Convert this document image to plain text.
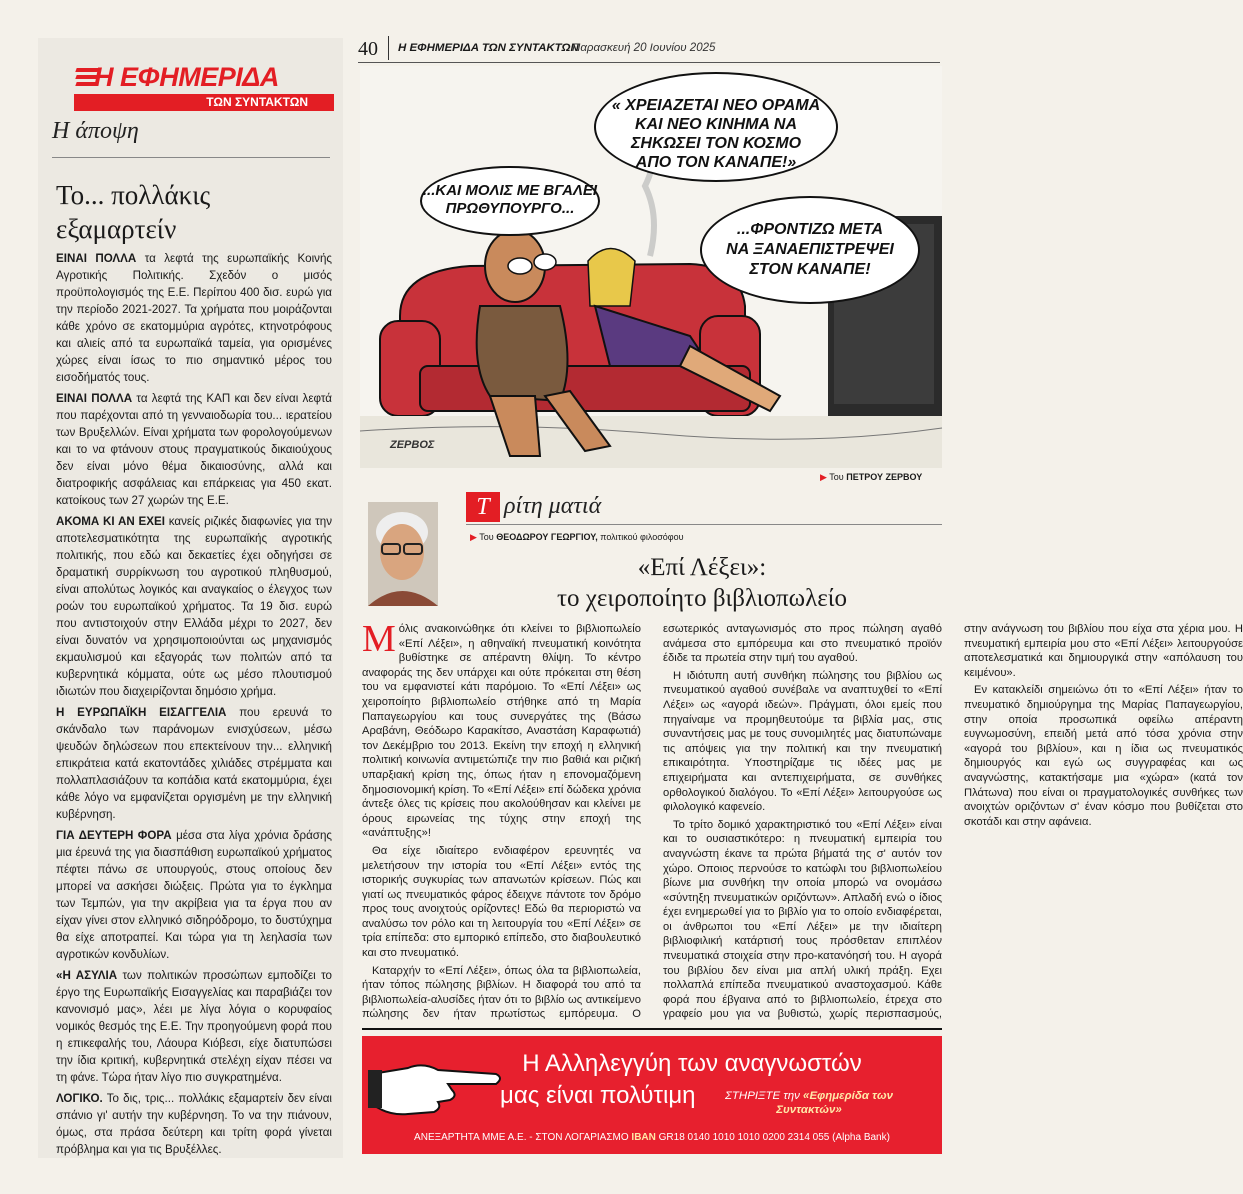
Η ΕΦΗΜΕΡΙΔΑ
ΤΩΝ ΣΥΝΤΑΚΤΩΝ
Η άποψη
Το... πολλάκις
εξαμαρτείν

ΕΙΝΑΙ ΠΟΛΛΑ τα λεφτά της ευρωπαϊκής Κοινής Αγροτικής Πολιτικής. Σχεδόν ο μισός προϋπολογισμός της Ε.Ε. Περίπου 400 δισ. ευρώ για την περίοδο 2021-2027. Τα χρήματα που μοιράζονται κάθε χρόνο σε εκατομμύρια αγρότες, κτηνοτρόφους και αλιείς από τα ευρωπαϊκά ταμεία, για ορισμένες χώρες είναι ίσως το πιο σημαντικό μέρος του εισοδήματός τους.

ΕΙΝΑΙ ΠΟΛΛΑ τα λεφτά της ΚΑΠ και δεν είναι λεφτά που παρέχονται από τη γενναιοδωρία του... ιερατείου των Βρυξελλών. Είναι χρήματα των φορολογούμενων και το να φτάνουν στους πραγματικούς δικαιούχους δεν είναι μόνο θέμα δικαιοσύνης, αλλά και διατροφικής ασφάλειας και επάρκειας για 450 εκατ. κατοίκους των 27 χωρών της Ε.Ε.

ΑΚΟΜΑ ΚΙ ΑΝ ΕΧΕΙ κανείς ριζικές διαφωνίες για την αποτελεσματικότητα της ευρωπαϊκής αγροτικής πολιτικής, που εδώ και δεκαετίες έχει οδηγήσει σε δραματική συρρίκνωση του αγροτικού πληθυσμού, είναι απολύτως λογικός και αναγκαίος ο έλεγχος των ροών του ευρωπαϊκού χρήματος. Τα 19 δισ. ευρώ που αντιστοιχούν στην Ελλάδα μέχρι το 2027, δεν είναι δυνατόν να χρησιμοποιούνται ως μηχανισμός εκμαυλισμού και εξαγοράς των πολιτών από τα κυβερνητικά κόμματα, ούτε ως μέσο πλουτισμού ιδιωτών που διαχειρίζονται δημόσιο χρήμα.

Η ΕΥΡΩΠΑΪΚΗ ΕΙΣΑΓΓΕΛΙΑ που ερευνά το σκάνδαλο των παράνομων ενισχύσεων, μέσω ψευδών δηλώσεων που επεκτείνουν την... ελληνική επικράτεια κατά εκατοντάδες χιλιάδες στρέμματα και πολλαπλασιάζουν τα κοπάδια κατά εκατομμύρια, έχει κάθε λόγο να εμφανίζεται οργισμένη με την ελληνική κυβέρνηση.

ΓΙΑ ΔΕΥΤΕΡΗ ΦΟΡΑ μέσα στα λίγα χρόνια δράσης μια έρευνά της για διασπάθιση ευρωπαϊκού χρήματος πέφτει πάνω σε υπουργούς, στους οποίους δεν μπορεί να ασκήσει διώξεις. Πρώτα για το έγκλημα των Τεμπών, για την ακρίβεια για τα έργα που αν είχαν γίνει στον ελληνικό σιδηρόδρομο, το δυστύχημα θα είχε αποτραπεί. Και τώρα για τη λεηλασία των αγροτικών κονδυλίων.

«Η ΑΣΥΛΙΑ των πολιτικών προσώπων εμποδίζει το έργο της Ευρωπαϊκής Εισαγγελίας και παραβιάζει τον κανονισμό μας», λέει με λίγα λόγια ο κορυφαίος νομικός θεσμός της Ε.Ε. Την προηγούμενη φορά που η επικεφαλής του, Λάουρα Κιόβεσι, είχε διατυπώσει την ίδια κριτική, κυβερνητικά στελέχη είχαν πέσει να τη φάνε. Τώρα ήταν λίγο πιο συγκρατημένα.

ΛΟΓΙΚΟ. Το δις, τρις... πολλάκις εξαμαρτείν δεν είναι σπάνιο γι' αυτήν την κυβέρνηση. Το να την πιάνουν, όμως, στα πράσα δεύτερη και τρίτη φορά γίνεται πρόβλημα και για τις Βρυξέλλες.

40 Η ΕΦΗΜΕΡΙΔΑ ΤΩΝ ΣΥΝΤΑΚΤΩΝ
Παρασκευή 20 Ιουνίου 2025
ΖΕΡΒΟΣ
« ΧΡΕΙΑΖΕΤΑΙ ΝΕΟ ΟΡΑΜΑ
ΚΑΙ ΝΕΟ ΚΙΝΗΜΑ ΝΑ
ΣΗΚΩΣΕΙ ΤΟΝ ΚΟΣΜΟ
ΑΠΟ ΤΟΝ ΚΑΝΑΠΕ!»
...ΚΑΙ ΜΟΛΙΣ ΜΕ ΒΓΑΛΕΙ
ΠΡΩΘΥΠΟΥΡΓΟ...
...ΦΡΟΝΤΙΖΩ ΜΕΤΑ
ΝΑ ΞΑΝΑΕΠΙΣΤΡΕΨΕΙ
ΣΤΟΝ ΚΑΝΑΠΕ!
▶ Του ΠΕΤΡΟΥ ΖΕΡΒΟΥ
Τ ρίτη ματιά
▶ Του ΘΕΟΔΩΡΟΥ ΓΕΩΡΓΙΟΥ, πολιτικού φιλοσόφου
«Επί Λέξει»:
το χειροποίητο βιβλιοπωλείο

Μόλις ανακοινώθηκε ότι κλείνει το βιβλιοπωλείο «Επί Λέξει», η αθηναϊκή πνευματική κοινότητα βυθίστηκε σε απέραντη θλίψη. Το κέντρο αναφοράς της δεν υπάρχει και ούτε πρόκειται στη θέση του να εμφανιστεί κάτι παρόμοιο. Το «Επί Λέξει» ως χειροποίητο βιβλιοπωλείο στήθηκε από τη Μαρία Παπαγεωργίου και τους συνεργάτες της (Βάσω Αραβάνη, Θεόδωρο Καρακίτσο, Αναστάση Καραφωτιά) τον Δεκέμβριο του 2013. Εκείνη την εποχή η ελληνική πολιτική κοινωνία αντιμετώπιζε την πιο βαθιά και ριζική υπαρξιακή κρίση της, όπως ήταν η επονομαζόμενη δημοσιονομική κρίση. Το «Επί Λέξει» επί δώδεκα χρόνια άντεξε όλες τις κρίσεις που ακολούθησαν και κλείνει με όρους ειρωνείας της τύχης στην εποχή της «ανάπτυξης»!

Θα είχε ιδιαίτερο ενδιαφέρον ερευνητές να μελετήσουν την ιστορία του «Επί Λέξει» εντός της ιστορικής συγκυρίας των απανωτών κρίσεων. Πώς και γιατί ως πνευματικός φάρος έδειχνε πάντοτε τον δρόμο προς τους ανοιχτούς ορίζοντες! Εδώ θα περιοριστώ να αναλύσω τον ρόλο και τη λειτουργία του «Επί Λέξει» σε τρία επίπεδα: στο εμπορικό επίπεδο, στο διαβουλευτικό και στο πνευματικό.

Καταρχήν το «Επί Λέξει», όπως όλα τα βιβλιοπωλεία, ήταν τόπος πώλησης βιβλίων. Η διαφορά του από τα βιβλιοπωλεία-αλυσίδες ήταν ότι το βιβλίο ως αντικείμενο πώλησης δεν ήταν πρωτίστως εμπόρευμα. Ο εσωτερικός ανταγωνισμός στο προς πώληση αγαθό ανάμεσα στο εμπόρευμα και στο πνευματικό προϊόν έδιδε τα πρωτεία στην τιμή του αγαθού.

Η ιδιότυπη αυτή συνθήκη πώλησης του βιβλίου ως πνευματικού αγαθού συνέβαλε να αναπτυχθεί το «Επί Λέξει» ως «αγορά ιδεών». Πράγματι, όλοι εμείς που πηγαίναμε να προμηθευτούμε τα βιβλία μας, στις συναντήσεις μας με τους συνομιλητές μας διατυπώναμε τις απόψεις για την πολιτική και την πνευματική επικαιρότητα. Υποστηρίζαμε τις ιδέες μας με επιχειρήματα και αντεπιχειρήματα, σε συνθήκες ορθολογικού διαλόγου. Το «Επί Λέξει» λειτουργούσε ως φιλολογικό καφενείο.

Το τρίτο δομικό χαρακτηριστικό του «Επί Λέξει» είναι και το ουσιαστικότερο: η πνευματική εμπειρία του αναγνώστη έκανε τα πρώτα βήματά της σ' αυτόν τον χώρο. Οποιος περνούσε το κατώφλι του βιβλιοπωλείου βίωνε μια συνθήκη την οποία μπορώ να ονομάσω «σύντηξη πνευματικών οριζόντων». Απλαδή ενώ ο ίδιος έχει ενημερωθεί για το βιβλίο για το οποίο ενδιαφέρεται, οι άνθρωποι του «Επί Λέξει» με την ιδιαίτερη βιβλιοφιλική κατάρτισή τους πρόσθεταν επιπλέον πνευματικά στοιχεία στην προ-κατανόησή του. Η αγορά του βιβλίου δεν είναι μια απλή υλική πράξη. Εχει πολλαπλά επίπεδα πνευματικού αναστοχασμού. Κάθε φορά που έβγαινα από το βιβλιοπωλείο, έτρεχα στο γραφείο μου για να βυθιστώ, χωρίς περισπασμούς, στην ανάγνωση του βιβλίου που είχα στα χέρια μου. Η πνευματική εμπειρία μου στο «Επί Λέξει» λειτουργούσε αποτελεσματικά και δημιουργικά στην «απόλαυση του κειμένου».

Εν κατακλείδι σημειώνω ότι το «Επί Λέξει» ήταν το πνευματικό δημιούργημα της Μαρίας Παπαγεωργίου, στην οποία προσωπικά οφείλω απέραντη ευγνωμοσύνη, επειδή μετά από τόσα χρόνια στην «αγορά του βιβλίου», και η ίδια ως πνευματικός δημιουργός και εγώ ως συγγραφέας και ως αναγνώστης, κατακτήσαμε μια «χώρα» (κατά τον Πλάτωνα) που είναι οι πραγματολογικές συνθήκες των ανοιχτών οριζόντων σ' έναν κόσμο που βυθίζεται στο σκοτάδι και στην αφάνεια.

Η Αλληλεγγύη των αναγνωστών
μας είναι πολύτιμη	ΣΤΗΡΙΞΤΕ την «Εφημερίδα των Συντακτών»
ΑΝΕΞΑΡΤΗΤΑ ΜΜΕ Α.Ε. - ΣΤΟΝ ΛΟΓΑΡΙΑΣΜΟ IBAN GR18 0140 1010 1010 0200 2314 055 (Alpha Bank)
